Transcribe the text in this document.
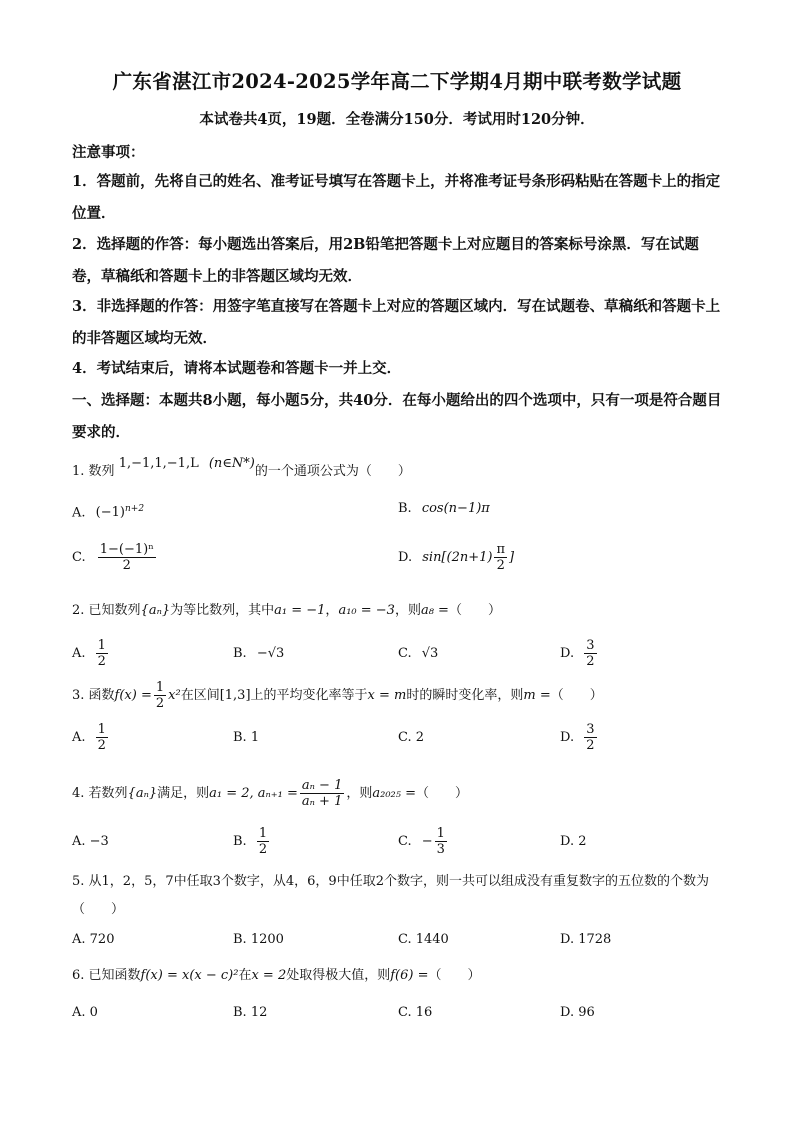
广东省湛江市2024-2025学年高二下学期4月期中联考数学试题
本试卷共4页，19题．全卷满分150分．考试用时120分钟．
注意事项：
1．答题前，先将自己的姓名、准考证号填写在答题卡上，并将准考证号条形码粘贴在答题卡上的指定位置．
2．选择题的作答：每小题选出答案后，用2B铅笔把答题卡上对应题目的答案标号涂黑．写在试题卷，草稿纸和答题卡上的非答题区域均无效．
3．非选择题的作答：用签字笔直接写在答题卡上对应的答题区域内．写在试题卷、草稿纸和答题卡上的非答题区域均无效．
4．考试结束后，请将本试题卷和答题卡一并上交．
一、选择题：本题共8小题，每小题5分，共40分．在每小题给出的四个选项中，只有一项是符合题目要求的．
1. 数列 1,−1,1,−1,L (n∈N*)的一个通项公式为（　　）
A. $(-1)^{n+2}$	B. cos(n−1)π
C. $\frac{\text{1−(−1)ⁿ}}{2}$	D. $\sin[(2n+1) \frac{\pi}{2}$ ]
2. 已知数列{aₙ}为等比数列，其中a₁ = −1，a₁₀ = −3，则a₈ =（　　）
A. $\frac{1}{2}$	B. −√3	C. √3	D. $\frac{3}{2}$
3. 函数$f(x) = \frac{1}{2} x^2$在区间[1,3]上的平均变化率等于x = m时的瞬时变化率，则m =（　　）
A. $\frac{1}{2}$	B. 1	C. 2	D. $\frac{3}{2}$
4. 若数列{aₙ}满足，则a₁ = 2, $a_{n+1} = \frac{\text{aₙ − 1}}{\text{aₙ + 1}}$ ，则a₂₀₂₅ =（　　）
A. −3	B. $\frac{1}{2}$	C. − $\frac{1}{3}$	D. 2
5. 从1，2，5，7中任取3个数字，从4，6，9中任取2个数字，则一共可以组成没有重复数字的五位数的个数为（　　）
A. 720	B. 1200	C. 1440	D. 1728
6. 已知函数f(x) = x(x − c)²在x = 2处取得极大值，则f(6) =（　　）
A. 0	B. 12	C. 16	D. 96
